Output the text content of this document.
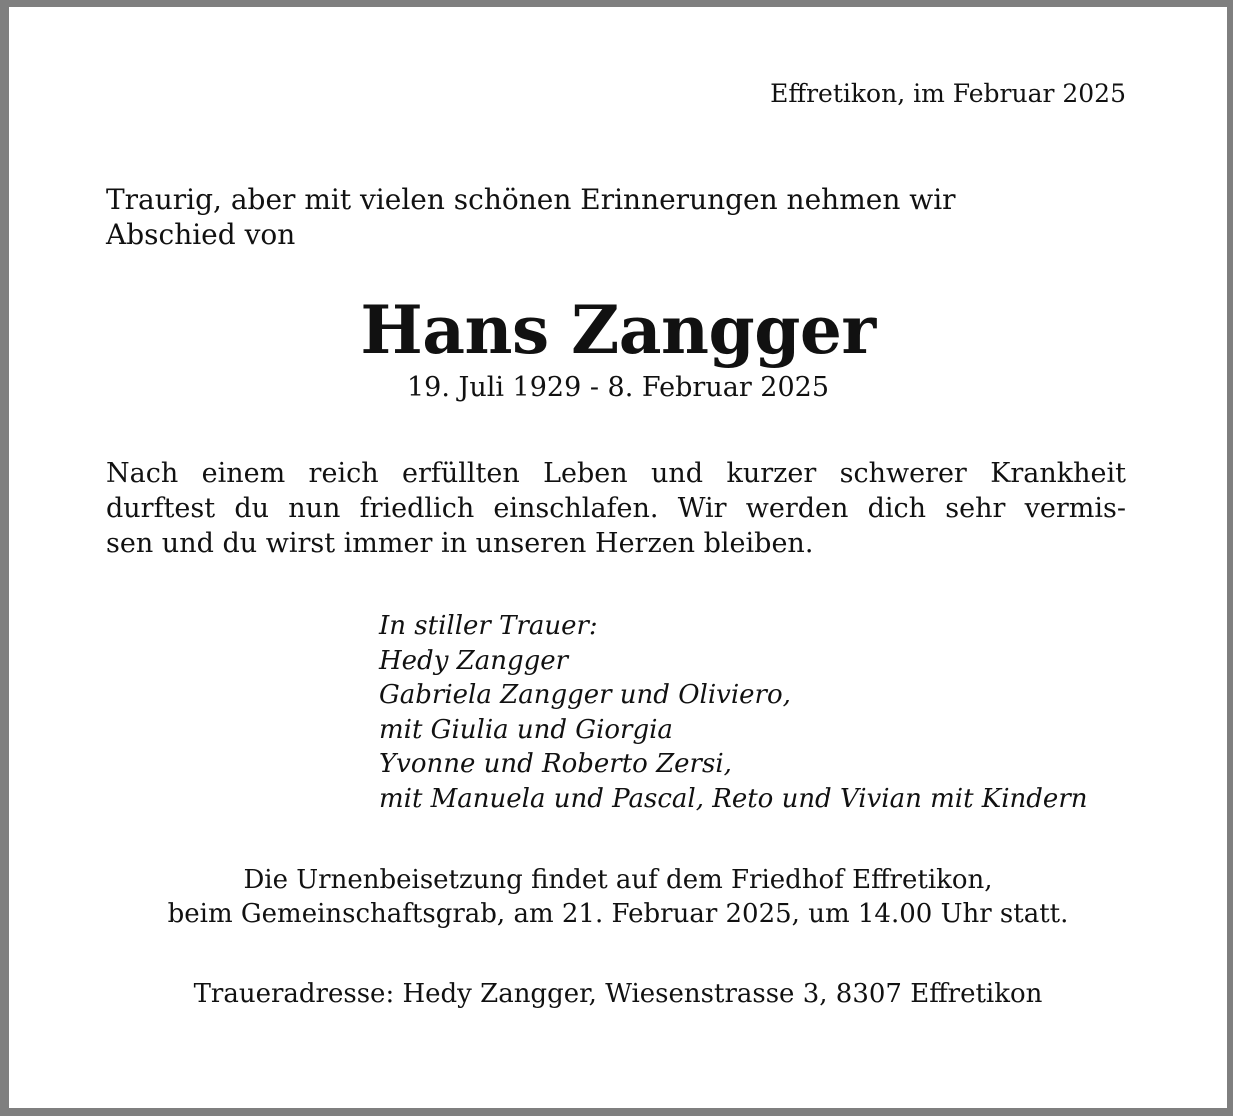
Effretikon, im Februar 2025
Traurig, aber mit vielen schönen Erinnerungen nehmen wir
Abschied von
Hans Zangger
19. Juli 1929 - 8. Februar 2025
Nach einem reich erfüllten Leben und kurzer schwerer Krankheit
durftest du nun friedlich einschlafen. Wir werden dich sehr vermis-
sen und du wirst immer in unseren Herzen bleiben.
In stiller Trauer:
Hedy Zangger
Gabriela Zangger und Oliviero,
mit Giulia und Giorgia
Yvonne und Roberto Zersi,
mit Manuela und Pascal, Reto und Vivian mit Kindern
Die Urnenbeisetzung findet auf dem Friedhof Effretikon,
beim Gemeinschaftsgrab, am 21. Februar 2025, um 14.00 Uhr statt.
Traueradresse: Hedy Zangger, Wiesenstrasse 3, 8307 Effretikon
